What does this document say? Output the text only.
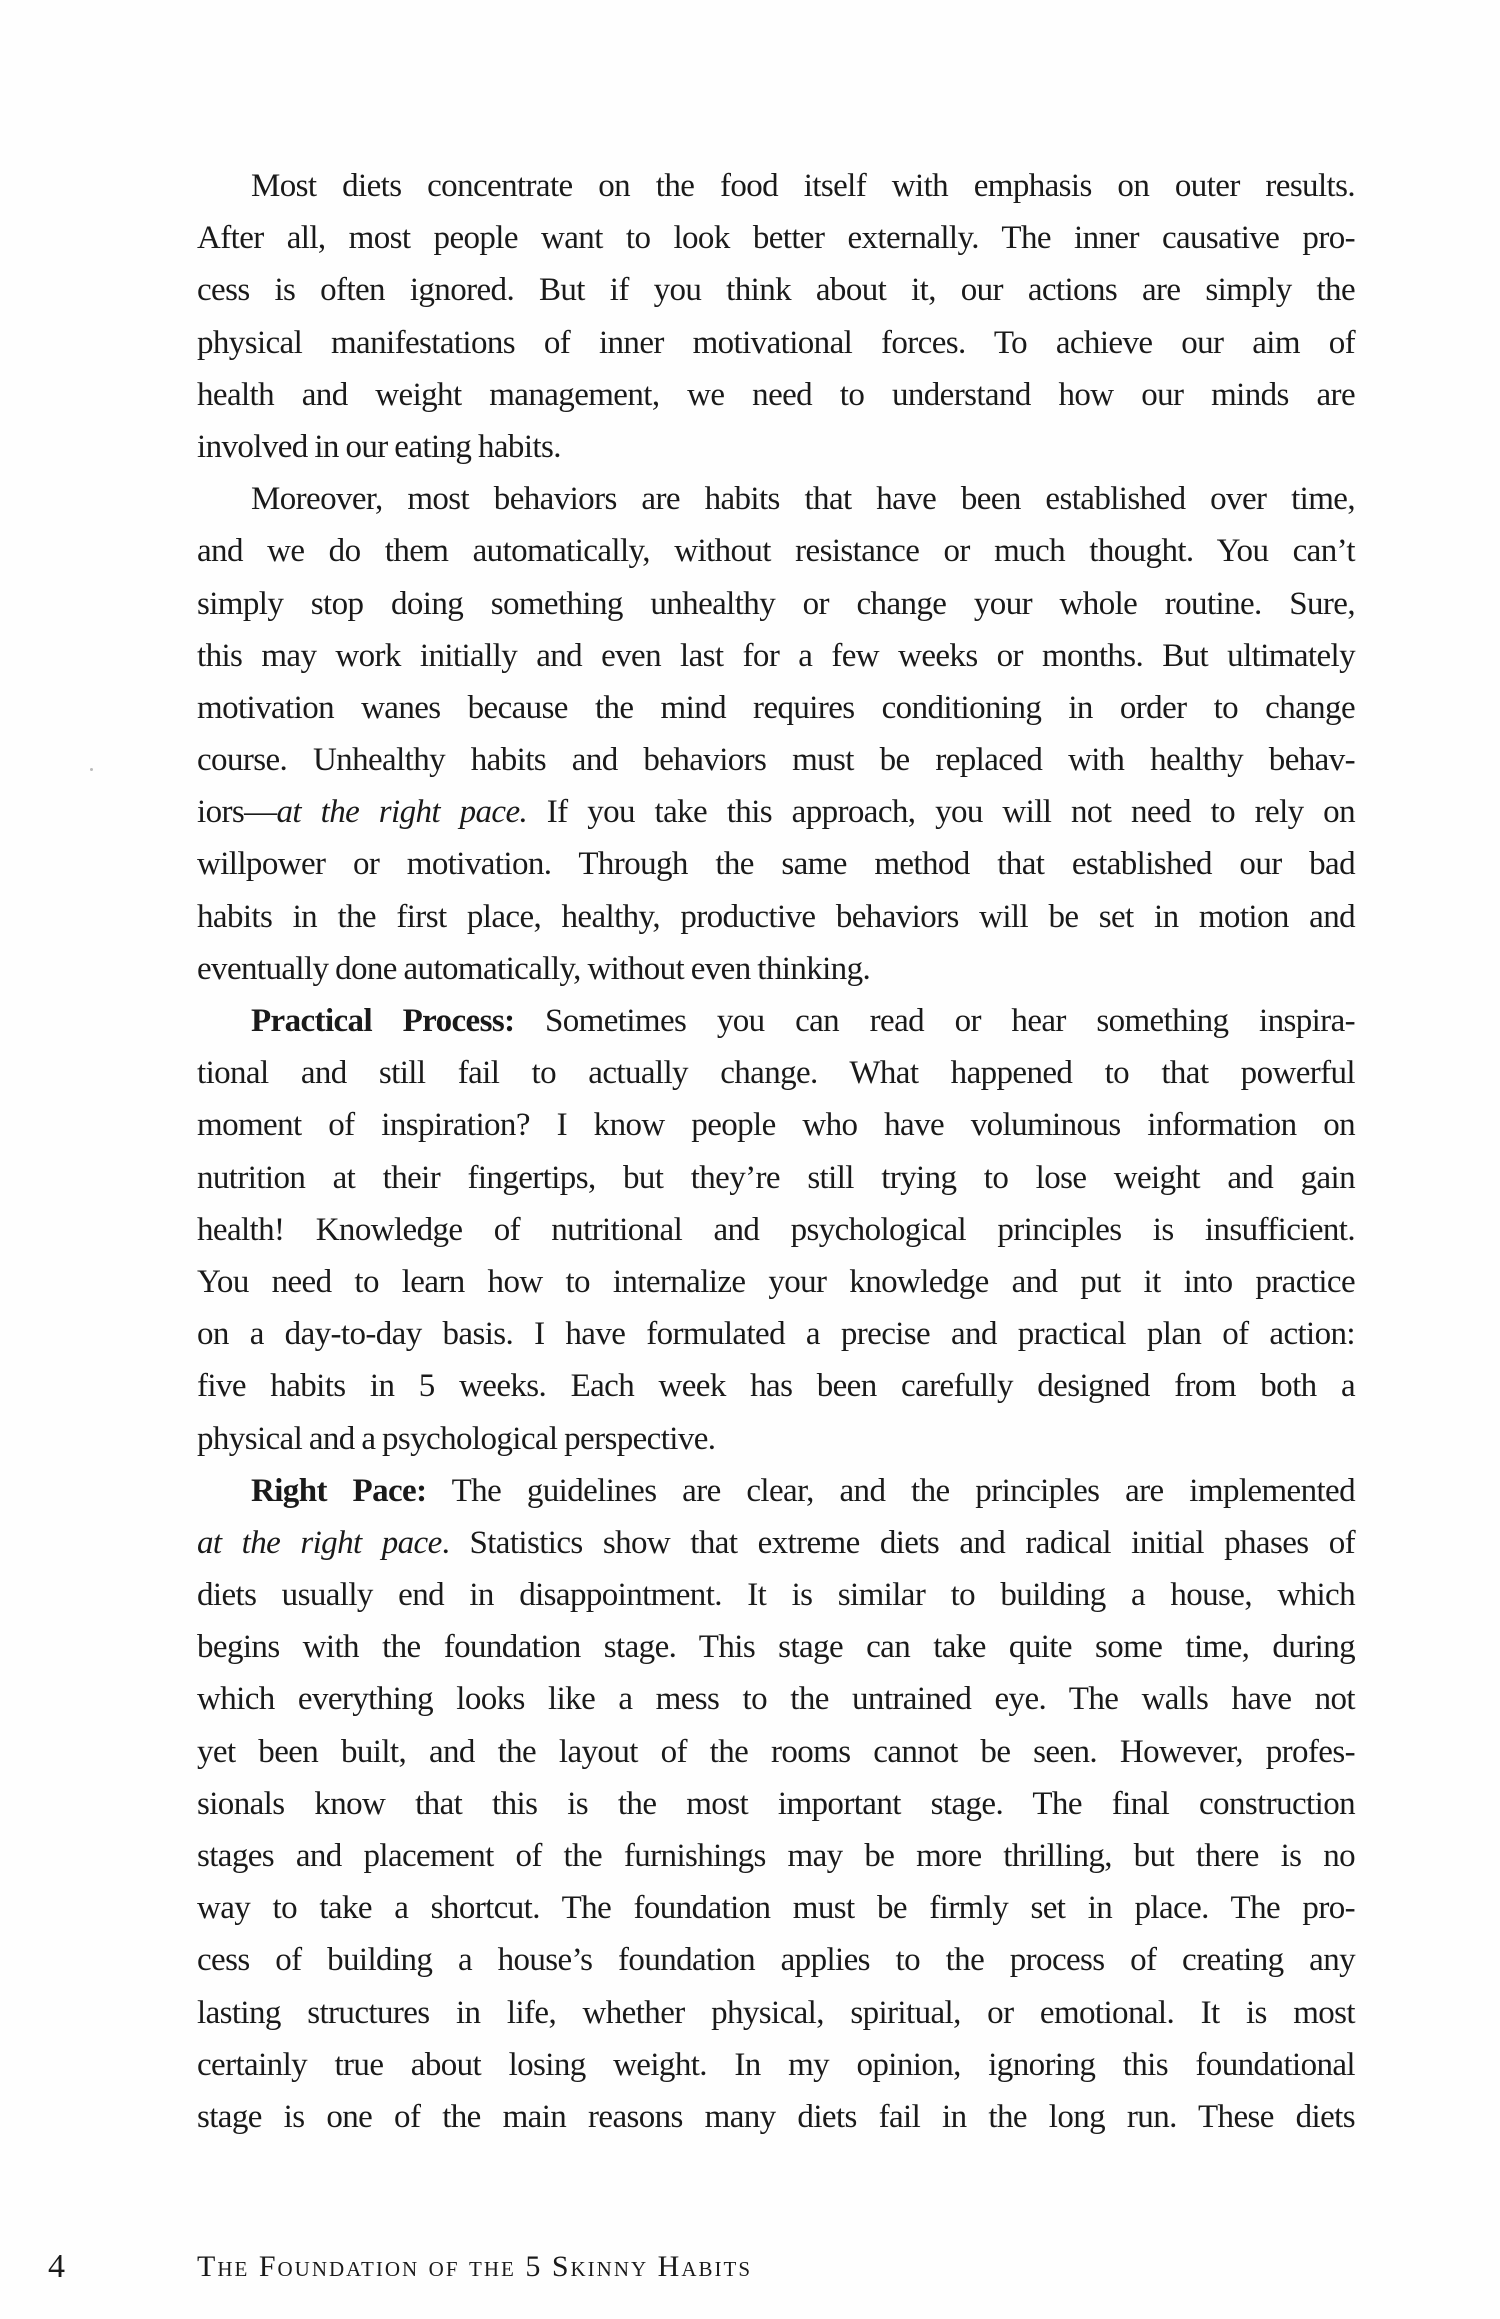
Most diets concentrate on the food itself with emphasis on outer results.
After all, most people want to look better externally. The inner causative pro-
cess is often ignored. But if you think about it, our actions are simply the
physical manifestations of inner motivational forces. To achieve our aim of
health and weight management, we need to understand how our minds are
involved in our eating habits.
Moreover, most behaviors are habits that have been established over time,
and we do them automatically, without resistance or much thought. You can’t
simply stop doing something unhealthy or change your whole routine. Sure,
this may work initially and even last for a few weeks or months. But ultimately
motivation wanes because the mind requires conditioning in order to change
course. Unhealthy habits and behaviors must be replaced with healthy behav-
iors—at the right pace. If you take this approach, you will not need to rely on
willpower or motivation. Through the same method that established our bad
habits in the first place, healthy, productive behaviors will be set in motion and
eventually done automatically, without even thinking.
Practical Process: Sometimes you can read or hear something inspira-
tional and still fail to actually change. What happened to that powerful
moment of inspiration? I know people who have voluminous information on
nutrition at their fingertips, but they’re still trying to lose weight and gain
health! Knowledge of nutritional and psychological principles is insufficient.
You need to learn how to internalize your knowledge and put it into practice
on a day-to-day basis. I have formulated a precise and practical plan of action:
five habits in 5 weeks. Each week has been carefully designed from both a
physical and a psychological perspective.
Right Pace: The guidelines are clear, and the principles are implemented
at the right pace. Statistics show that extreme diets and radical initial phases of
diets usually end in disappointment. It is similar to building a house, which
begins with the foundation stage. This stage can take quite some time, during
which everything looks like a mess to the untrained eye. The walls have not
yet been built, and the layout of the rooms cannot be seen. However, profes-
sionals know that this is the most important stage. The final construction
stages and placement of the furnishings may be more thrilling, but there is no
way to take a shortcut. The foundation must be firmly set in place. The pro-
cess of building a house’s foundation applies to the process of creating any
lasting structures in life, whether physical, spiritual, or emotional. It is most
certainly true about losing weight. In my opinion, ignoring this foundational
stage is one of the main reasons many diets fail in the long run. These diets
4	The Foundation of the 5 Skinny Habits
